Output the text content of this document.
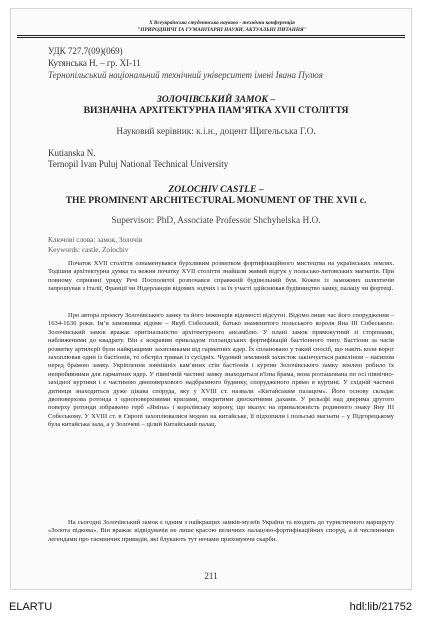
X Всеукраїнська студентська науково - технічна конференція
"ПРИРОДНИЧІ ТА ГУМАНІТАРНІ НАУКИ. АКТУАЛЬНІ ПИТАННЯ"
УДК 727.7(09)(069)
Кутянська Н. – гр. ХІ-11
Тернопільський національний технічний університет імені Івана Пулюя
ЗОЛОЧІВСЬКИЙ ЗАМОК –
ВИЗНАЧНА АРХІТЕКТУРНА ПАМ’ЯТКА XVII СТОЛІТТЯ
Науковий керівник: к.і.н., доцент Щигельська Г.О.
Kutianska N.
Ternopil Ivan Puluj National Technical University
ZOLOCHIV CASTLE –
THE PROMINENT ARCHITECTURAL MONUMENT OF THE XVII c.
Supervisor: PhD, Associate Professor Shchyhelska H.O.
Ключові слова: замок, Золочів
Keywords: castle, Zolochiv

Початок XVII століття ознаменувався бурхливим розвитком фортифікаційного мистецтва на українських землях. Тодішня архітектурна думка та вежня початку XVII століття знайшли живий відгук у польсько-литовських магнатів. При повному сприянні уряду Речі Посполитої розпочався справжній будівельний бум. Кожен із заможних шляхтичів запрошував з Італії, Франції чи Нідерландів відомих зодчих і за їх участі здійснював будівництво замку, палацу чи фортеці.

Про автора проекту Золочівського замку та його інженерів відомості відсутні. Відомо лише час його спорудження – 1634-1636 роки. Ім’я замовника відоме – Якуб Собєський, батько знаменитого польського короля Яна III Собеського. Золочівський замок вражає оригінальністю архітектурного ансамблю. У плані замок прямокутний зі сторонами, наближеними до квадрату. Він є яскравим прикладом голландських фортифікацій бастіонного типу. Бастіони за часів розвитку артилерії були найкращими захисниками від гарматних ядер. Їх сплановано у такий спосіб, що навіть коли ворог захоплював один із бастіонів, то обстріл тривав із сусідніх. Чудовий земляний захисток закінчується равеліном – насипом перед брамою замку. Укріплення зовнішніх кам’яних стін бастіонів і куртин Золочівського замку землею робило їх непробивними для гарматних ядер. У північній частині замку знаходиться в'їзна брама, вона розташована по осі північно-західної куртини і є частиною двоповерхового надбрамного будинку, спорудженого прямо в куртині. У східній частині дитинця знаходиться дуже цікава споруда, яку у XVIII ст. назвали «Китайським палацом». Його основу складає двоповерхова ротонда з одноповерховими крилами, покритими двоскатними дахами. У рельєфі над дверима другого поверху ротонди зображено герб «Яніна» і королівську корону, що вказує на приналежність родинного знаку Яну III Собеському. У XVIII ст. в Європі захоплювалися модою на китайське, її підхопили і польські магнати – у Підгорецькому була китайська зала, а у Золочеві – цілий Китайський палац.

На сьогодні Золочівський замок є одним з найкращих замків-музеїв України та входить до туристичного маршруту «Золота підкова». Він вражає відвідувачів не лише красою величних палацово-фортифікаційних споруд, а й численними легендами про таємничих привидів, які блукають тут ночами приховуючи скарби.

211
ELARTU	hdl:lib/21752
